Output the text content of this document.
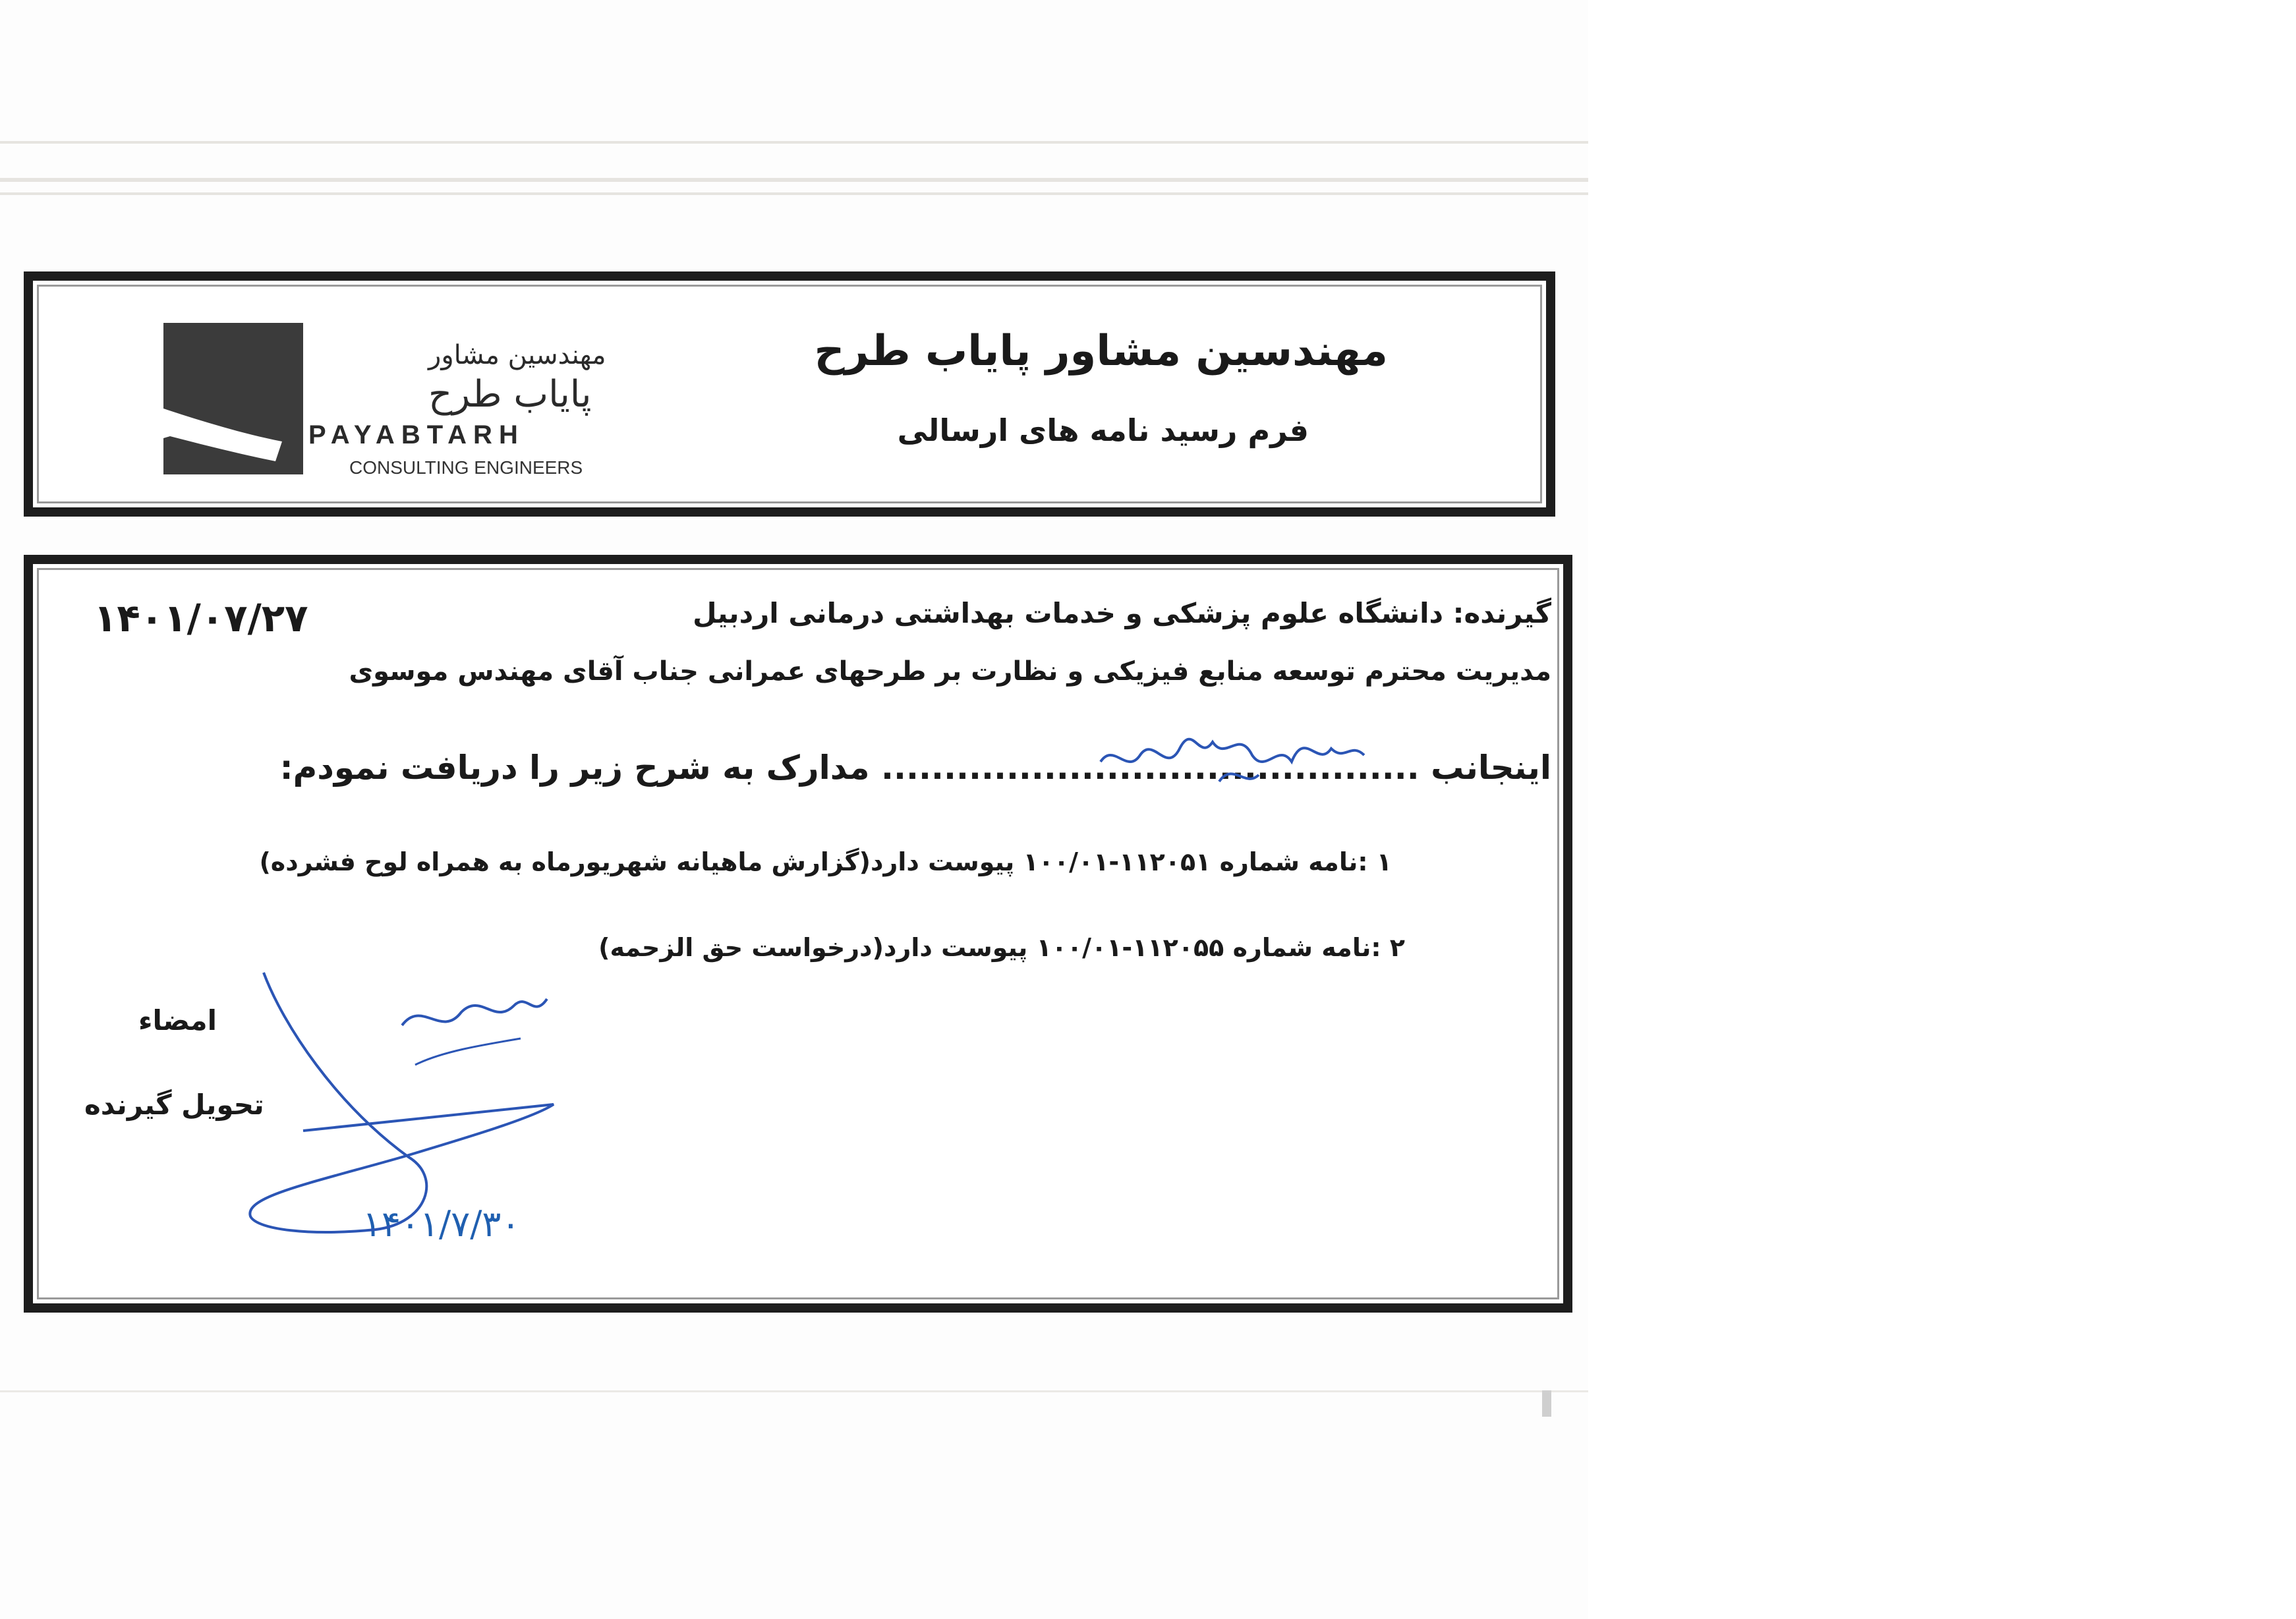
مهندسین مشاور
پایاب طرح
PAYABTARH
CONSULTING ENGINEERS
مهندسین مشاور پایاب طرح
فرم رسید نامه های ارسالی
۱۴۰۱/۰۷/۲۷	گیرنده: دانشگاه علوم پزشکی و خدمات بهداشتی درمانی اردبیل
مدیریت محترم توسعه منابع فیزیکی و نظارت بر طرحهای عمرانی جناب آقای مهندس موسوی
اینجانب ........................................... مدارک به شرح زیر را دریافت نمودم:
۱ :نامه شماره ۱۱۲۰۵۱-۱۰۰/۰۱ پیوست دارد(گزارش ماهیانه شهریورماه به همراه لوح فشرده)
۲ :نامه شماره ۱۱۲۰۵۵-۱۰۰/۰۱ پیوست دارد(درخواست حق الزحمه)
امضاء
تحویل گیرنده
۱۴۰۱/۷/۳۰
